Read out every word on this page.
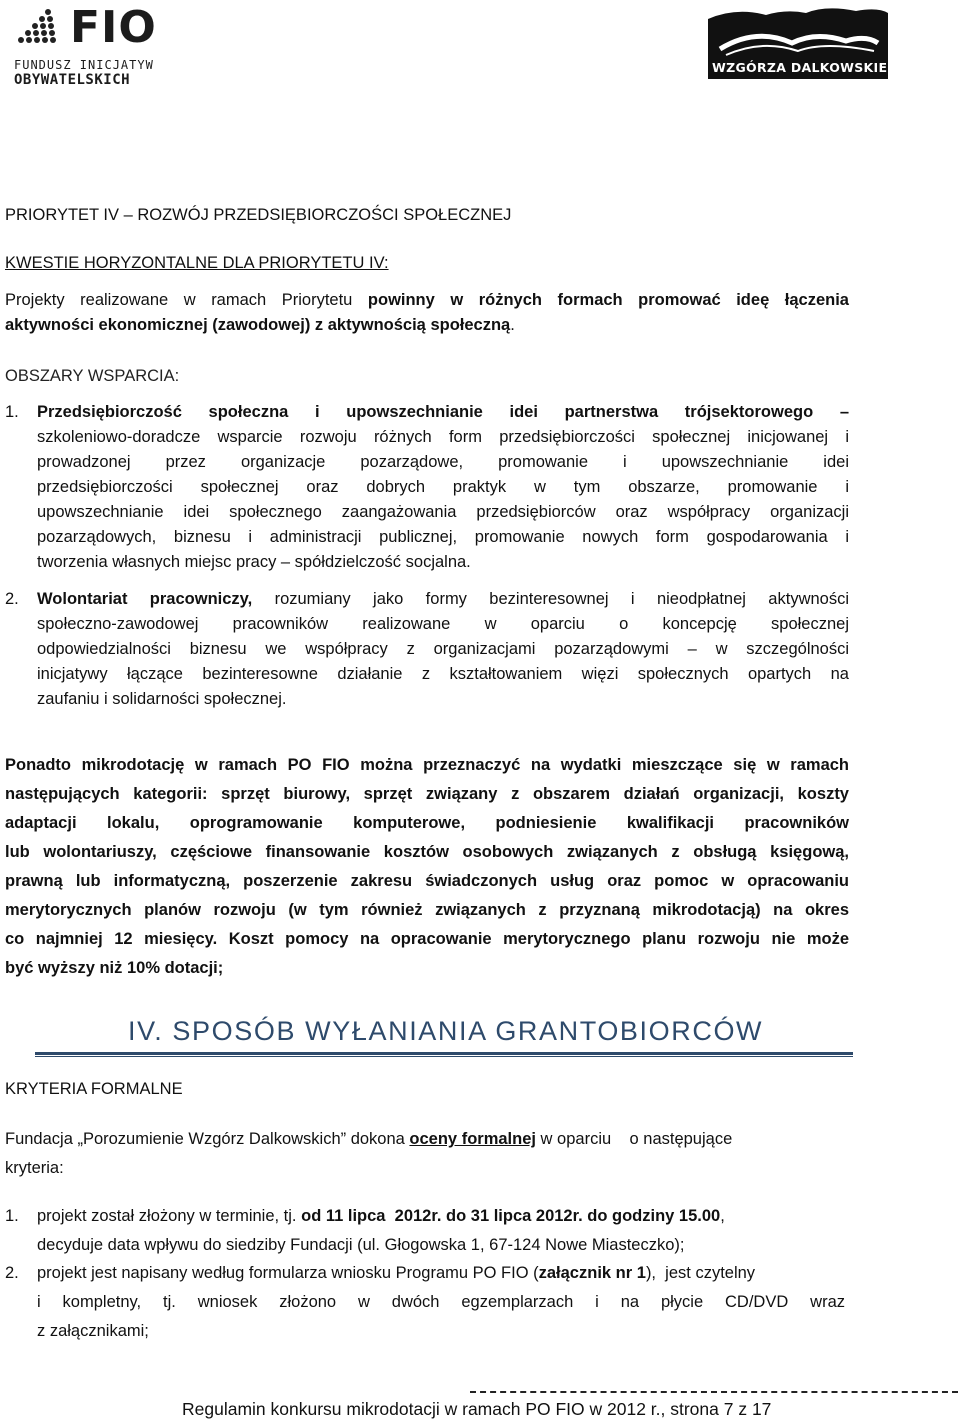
FIO
FUNDUSZ INICJATYW
OBYWATELSKICH
WZGÓRZA DALKOWSKIE
PRIORYTET IV – ROZWÓJ PRZEDSIĘBIORCZOŚCI SPOŁECZNEJ
KWESTIE HORYZONTALNE DLA PRIORYTETU IV:
Projekty realizowane w ramach Priorytetu powinny w różnych formach promować ideę łączenia
aktywności ekonomicznej (zawodowej) z aktywnością społeczną.
OBSZARY WSPARCIA:
1. Przedsiębiorczość społeczna i upowszechnianie idei partnerstwa trójsektorowego –
szkoleniowo-doradcze wsparcie rozwoju różnych form przedsiębiorczości społecznej inicjowanej i
prowadzonej przez organizacje pozarządowe, promowanie i upowszechnianie idei
przedsiębiorczości społecznej oraz dobrych praktyk w tym obszarze, promowanie i
upowszechnianie idei społecznego zaangażowania przedsiębiorców oraz współpracy organizacji
pozarządowych, biznesu i administracji publicznej, promowanie nowych form gospodarowania i
tworzenia własnych miejsc pracy – spółdzielczość socjalna.
2. Wolontariat pracowniczy, rozumiany jako formy bezinteresownej i nieodpłatnej aktywności
społeczno-zawodowej pracowników realizowane w oparciu o koncepcję społecznej
odpowiedzialności biznesu we współpracy z organizacjami pozarządowymi – w szczególności
inicjatywy łączące bezinteresowne działanie z kształtowaniem więzi społecznych opartych na
zaufaniu i solidarności społecznej.
Ponadto mikrodotację w ramach PO FIO można przeznaczyć na wydatki mieszczące się w ramach
następujących kategorii: sprzęt biurowy, sprzęt związany z obszarem działań organizacji, koszty
adaptacji lokalu, oprogramowanie komputerowe, podniesienie kwalifikacji pracowników
lub wolontariuszy, częściowe finansowanie kosztów osobowych związanych z obsługą księgową,
prawną lub informatyczną, poszerzenie zakresu świadczonych usług oraz pomoc w opracowaniu
merytorycznych planów rozwoju (w tym również związanych z przyznaną mikrodotacją) na okres
co najmniej 12 miesięcy. Koszt pomocy na opracowanie merytorycznego planu rozwoju nie może
być wyższy niż 10% dotacji;
IV. SPOSÓB WYŁANIANIA GRANTOBIORCÓW
KRYTERIA FORMALNE
Fundacja „Porozumienie Wzgórz Dalkowskich” dokona oceny formalnej w oparciu    o następujące
kryteria:
1. projekt został złożony w terminie, tj. od 11 lipca  2012r. do 31 lipca 2012r. do godziny 15.00,
decyduje data wpływu do siedziby Fundacji (ul. Głogowska 1, 67-124 Nowe Miasteczko);
2. projekt jest napisany według formularza wniosku Programu PO FIO (załącznik nr 1),  jest czytelny
i kompletny, tj. wniosek złożono w dwóch egzemplarzach i na płycie CD/DVD wraz
z załącznikami;
Regulamin konkursu mikrodotacji w ramach PO FIO w 2012 r., strona 7 z 17
